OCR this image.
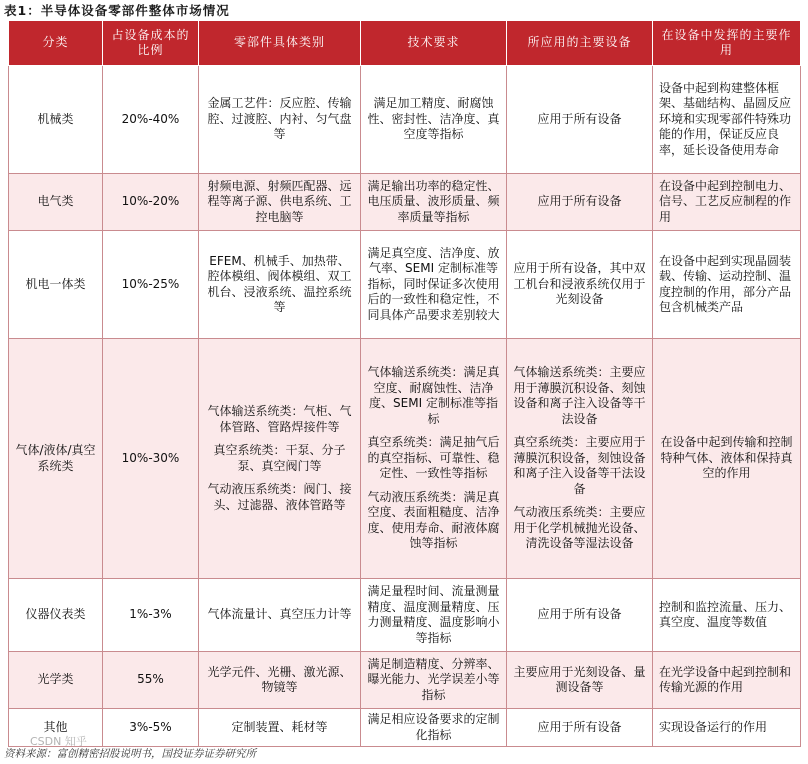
表1：半导体设备零部件整体市场情况
分类	占设备成本的比例	零部件具体类别	技术要求	所应用的主要设备	在设备中发挥的主要作用
机械类	20%-40%	金属工艺件：反应腔、传输腔、过渡腔、内衬、匀气盘等	满足加工精度、耐腐蚀性、密封性、洁净度、真空度等指标	应用于所有设备	设备中起到构建整体框架、基础结构、晶圆反应环境和实现零部件特殊功能的作用，保证反应良率，延长设备使用寿命

电气类	10%-20%	射频电源、射频匹配器、远程等离子源、供电系统、工控电脑等	满足输出功率的稳定性、电压质量、波形质量、频率质量等指标	应用于所有设备	在设备中起到控制电力、信号、工艺反应制程的作用

机电一体类	10%-25%	EFEM、机械手、加热带、腔体模组、阀体模组、双工机台、浸液系统、温控系统等	满足真空度、洁净度、放气率、SEMI 定制标准等指标，同时保证多次使用后的一致性和稳定性，不同具体产品要求差别较大	应用于所有设备，其中双工机台和浸液系统仅用于光刻设备	在设备中起到实现晶圆装载、传输、运动控制、温度控制的作用，部分产品包含机械类产品

气体/液体/真空系统类	10%-30%	气体输送系统类：气柜、气体管路、管路焊接件等
真空系统类：干泵、分子泵、真空阀门等
气动液压系统类：阀门、接头、过滤器、液体管路等	气体输送系统类：满足真空度、耐腐蚀性、洁净度、SEMI 定制标准等指标
真空系统类：满足抽气后的真空指标、可靠性、稳定性、一致性等指标
气动液压系统类：满足真空度、表面粗糙度、洁净度、使用寿命、耐液体腐蚀等指标	气体输送系统类：主要应用于薄膜沉积设备、刻蚀设备和离子注入设备等干法设备
真空系统类：主要应用于薄膜沉积设备，刻蚀设备和离子注入设备等干法设备
气动液压系统类：主要应用于化学机械抛光设备、清洗设备等湿法设备	在设备中起到传输和控制特种气体、液体和保持真空的作用
仪器仪表类	1%-3%	气体流量计、真空压力计等	满足量程时间、流量测量精度、温度测量精度、压力测量精度、温度影响小等指标	应用于所有设备	控制和监控流量、压力、真空度、温度等数值

光学类	55%	光学元件、光栅、激光源、物镜等	满足制造精度、分辨率、曝光能力、光学误差小等指标	主要应用于光刻设备、量测设备等	在光学设备中起到控制和传输光源的作用

其他	3%-5%	定制装置、耗材等	满足相应设备要求的定制化指标	应用于所有设备	实现设备运行的作用
CSDN 知乎
资料来源：富创精密招股说明书，国投证券证券研究所
